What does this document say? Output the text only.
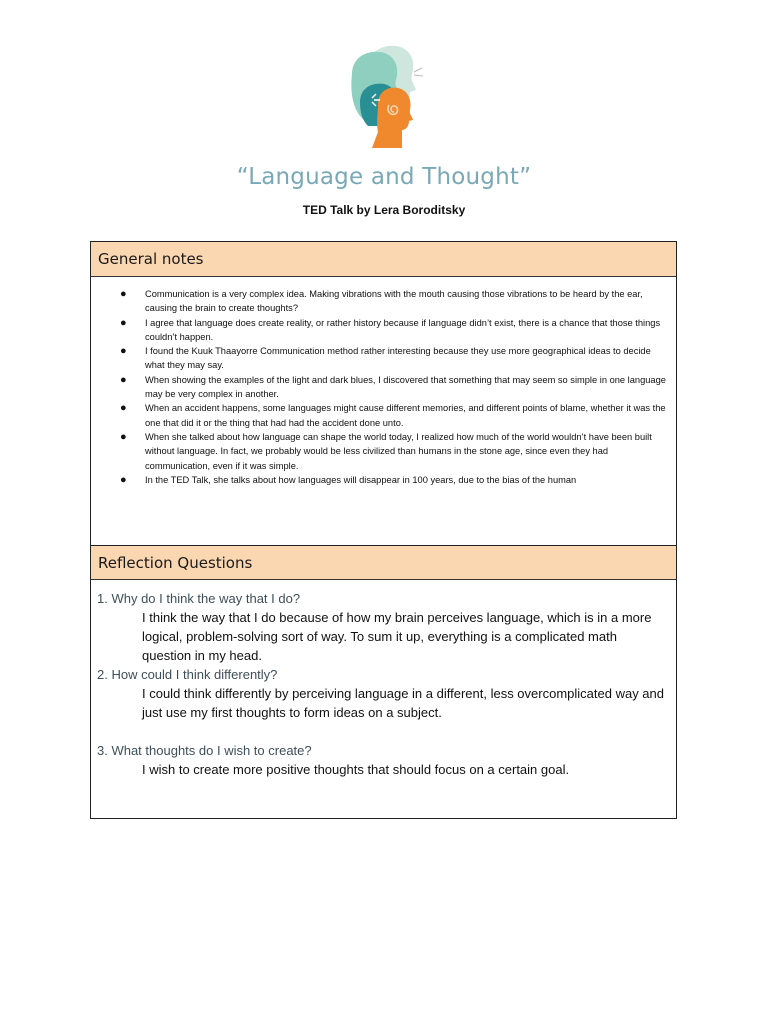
“Language and Thought”
TED Talk by Lera Boroditsky
General notes
●	Communication is a very complex idea. Making vibrations with the mouth causing those vibrations to be heard by the ear, causing the brain to create thoughts?
●	I agree that language does create reality, or rather history because if language didn’t exist, there is a chance that those things couldn’t happen.
●	I found the Kuuk Thaayorre Communication method rather interesting because they use more geographical ideas to decide what they may say.
●	When showing the examples of the light and dark blues, I discovered that something that may seem so simple in one language may be very complex in another.
●	When an accident happens, some languages might cause different memories, and different points of blame, whether it was the one that did it or the thing that had had the accident done unto.
●	When she talked about how language can shape the world today, I realized how much of the world wouldn’t have been built without language. In fact, we probably would be less civilized than humans in the stone age, since even they had communication, even if it was simple.
●	In the TED Talk, she talks about how languages will disappear in 100 years, due to the bias of the human
Reflection Questions

1. Why do I think the way that I do?

I think the way that I do because of how my brain perceives language, which is in a more logical, problem-solving sort of way. To sum it up, everything is a complicated math question in my head.

2. How could I think differently?

I could think differently by perceiving language in a different, less overcomplicated way and just use my first thoughts to form ideas on a subject.

3. What thoughts do I wish to create?

I wish to create more positive thoughts that should focus on a certain goal.
